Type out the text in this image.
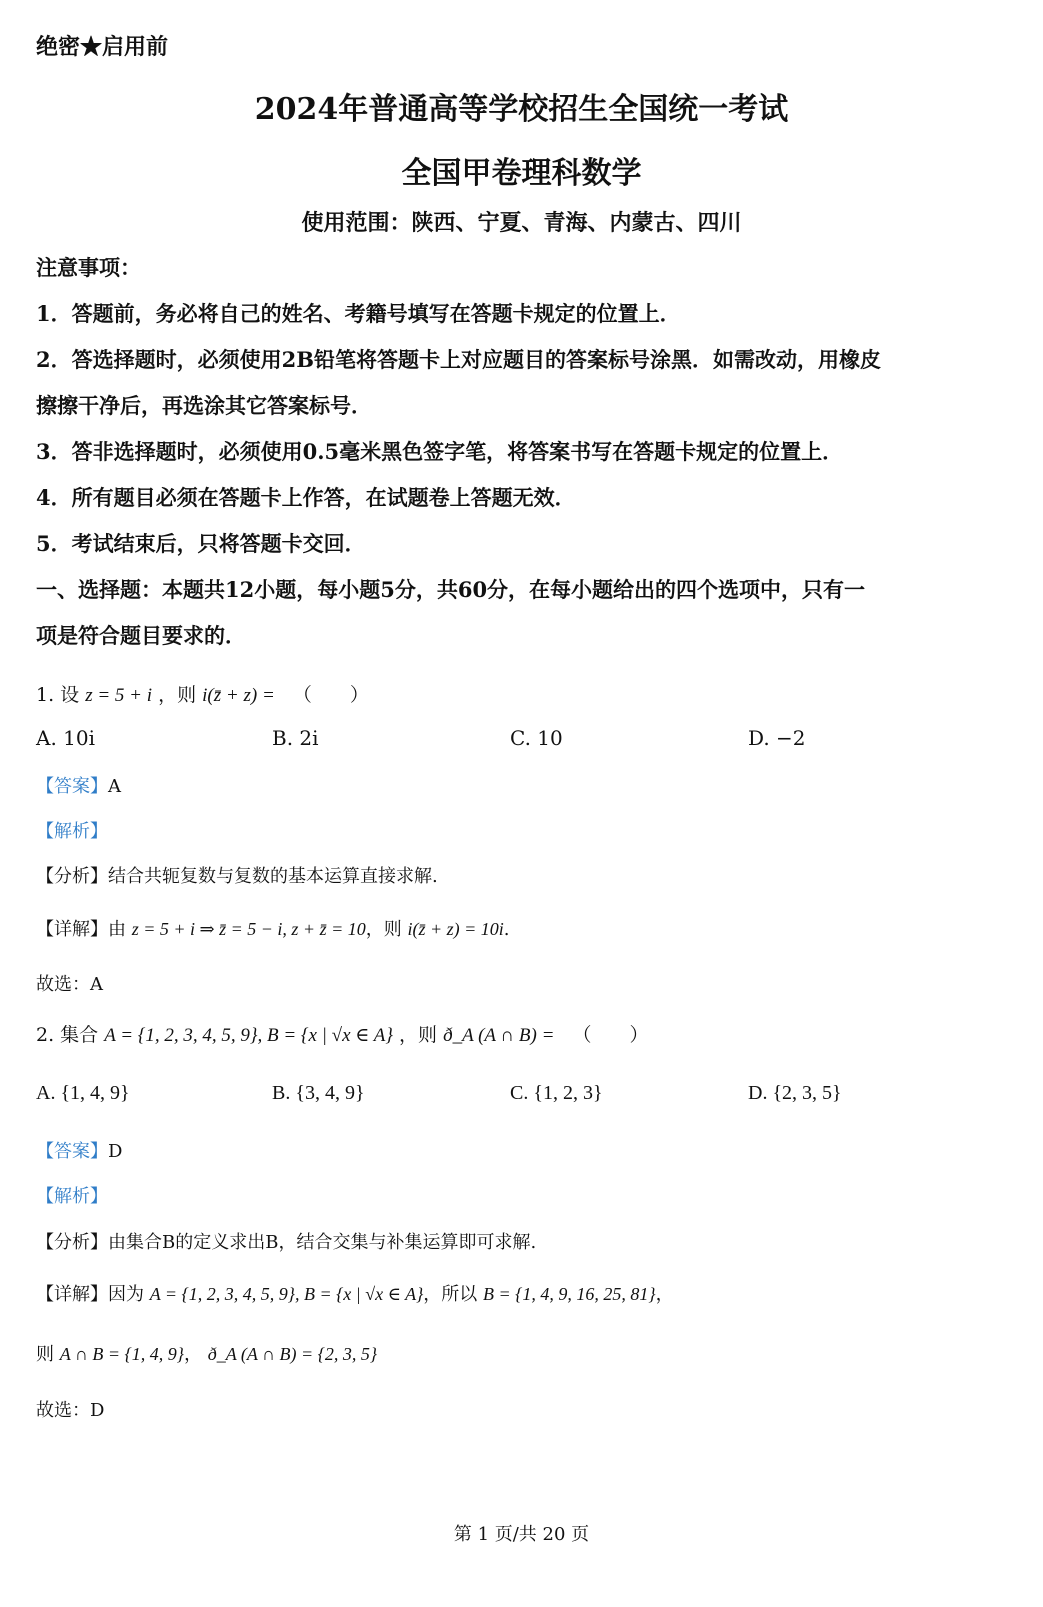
绝密★启用前
2024年普通高等学校招生全国统一考试
全国甲卷理科数学
使用范围：陕西、宁夏、青海、内蒙古、四川
注意事项：
1．答题前，务必将自己的姓名、考籍号填写在答题卡规定的位置上．
2．答选择题时，必须使用2B铅笔将答题卡上对应题目的答案标号涂黑．如需改动，用橡皮
擦擦干净后，再选涂其它答案标号．
3．答非选择题时，必须使用0.5毫米黑色签字笔，将答案书写在答题卡规定的位置上．
4．所有题目必须在答题卡上作答，在试题卷上答题无效．
5．考试结束后，只将答题卡交回．
一、选择题：本题共12小题，每小题5分，共60分，在每小题给出的四个选项中，只有一
项是符合题目要求的．
1. 设 z = 5 + i ，则 i(z̄ + z) = （　　）
A. 10i	B. 2i	C. 10	D. −2
【答案】A
【解析】
【分析】结合共轭复数与复数的基本运算直接求解.
【详解】由 z = 5 + i ⇒ z̄ = 5 − i, z + z̄ = 10，则 i(z̄ + z) = 10i.
故选：A
2. 集合 A = {1, 2, 3, 4, 5, 9}, B = {x | √x ∈ A} ，则 ð_A (A ∩ B) = （　　）
A. {1, 4, 9}	B. {3, 4, 9}	C. {1, 2, 3}	D. {2, 3, 5}
【答案】D
【解析】
【分析】由集合B的定义求出B，结合交集与补集运算即可求解.
【详解】因为 A = {1, 2, 3, 4, 5, 9}, B = {x | √x ∈ A}，所以 B = {1, 4, 9, 16, 25, 81}，
则 A ∩ B = {1, 4, 9}， ð_A (A ∩ B) = {2, 3, 5}
故选：D
第 1 页/共 20 页
